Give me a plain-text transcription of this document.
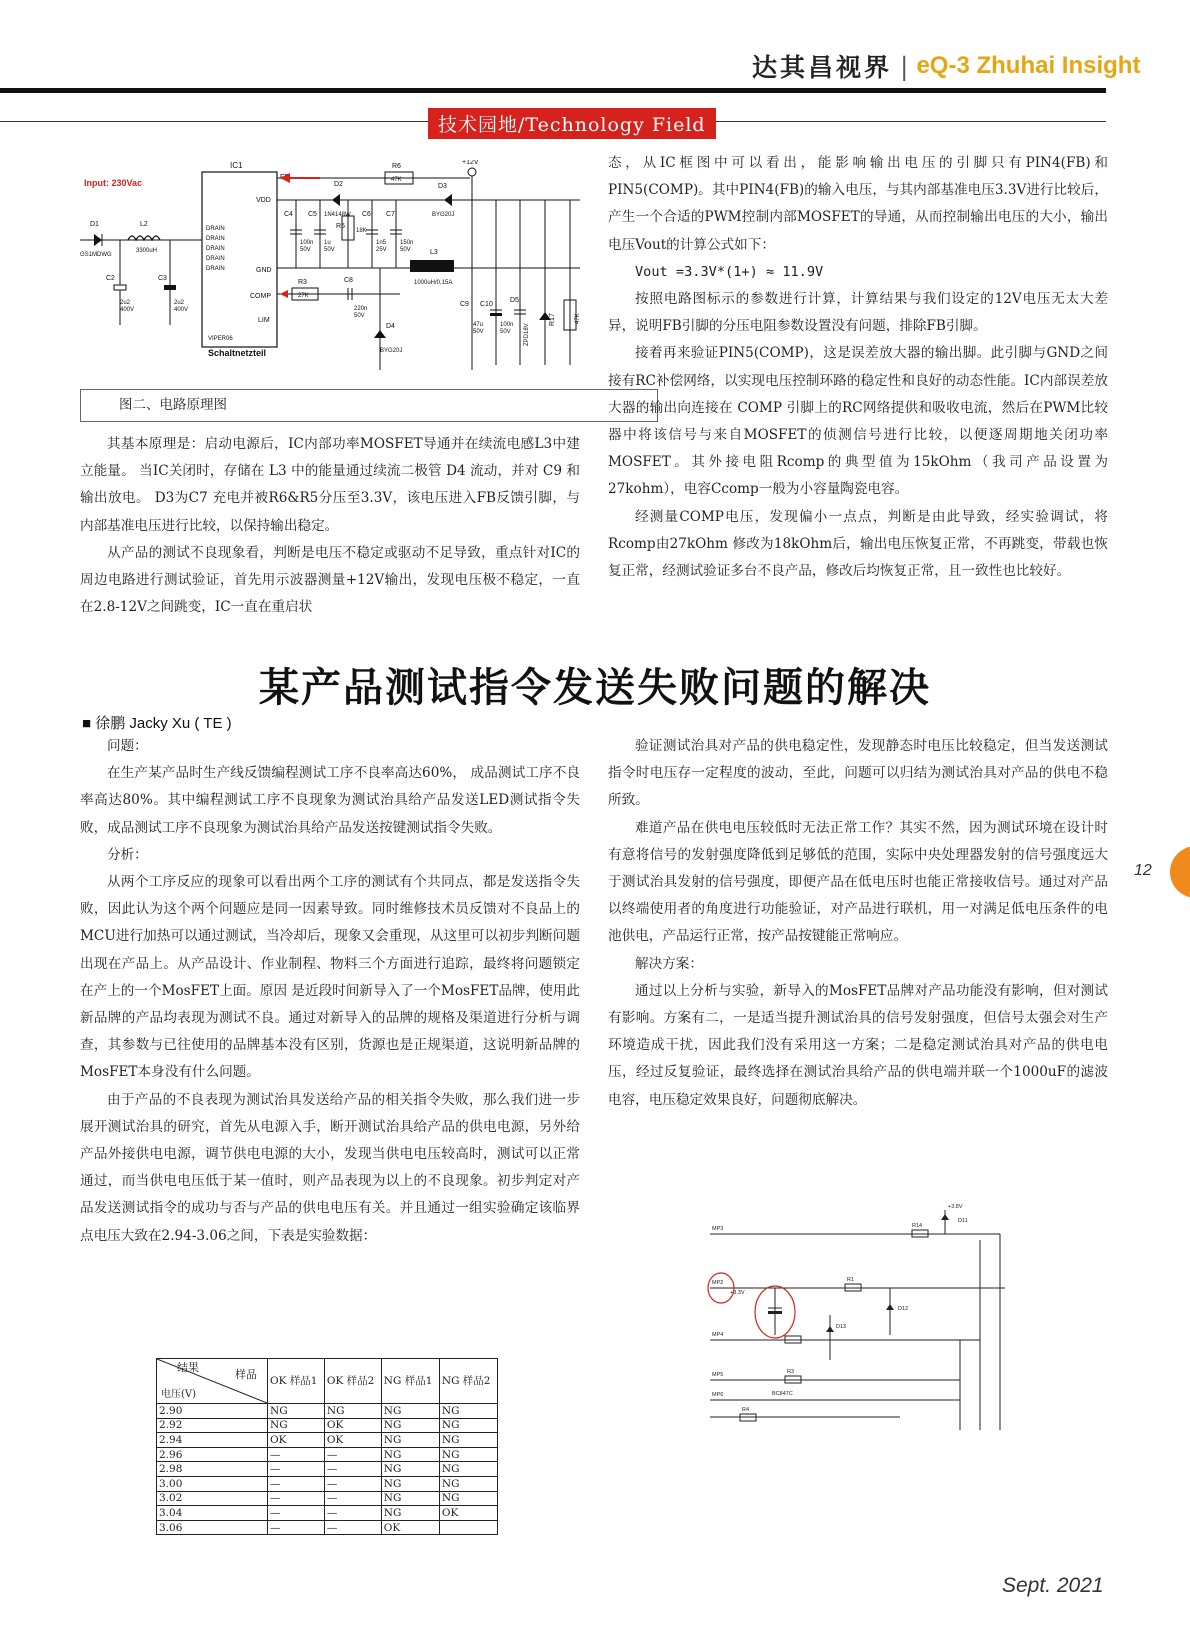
达其昌视界 | eQ-3 Zhuhai Insight
技术园地/Technology Field
Input: 230Vac
IC1
VIPER06
Schaltnetzteil
VDD
GND
COMP
LIM
DRAIN
DRAIN
DRAIN
DRAIN
DRAIN
D1
GS1MDWG
L2
3300uH
C2
2u2
400V
C3
2u2
400V
R6
47K
D2
1N4148W
D3
BYG20J
+12V
C4
100n
50V
C5
1u
50V
R5
18K
C6
1n5
25V
C7
150n
50V	L3
1000uH/0,15A
C9
47u
50V
C10
100n
50V
D5
ZPD18V
R17	47K
R3
27K
C8
220n
50V
D4
BYG20J
图二、电路原理图

其基本原理是：启动电源后，IC内部功率MOSFET导通并在续流电感L3中建立能量。 当IC关闭时，存储在 L3 中的能量通过续流二极管 D4 流动，并对 C9 和输出放电。 D3为C7 充电并被R6&R5分压至3.3V，该电压进入FB反馈引脚，与内部基准电压进行比较，以保持输出稳定。

从产品的测试不良现象看，判断是电压不稳定或驱动不足导致，重点针对IC的周边电路进行测试验证，首先用示波器测量+12V输出，发现电压极不稳定，一直在2.8-12V之间跳变，IC一直在重启状

态，从IC框图中可以看出，能影响输出电压的引脚只有PIN4(FB)和PIN5(COMP)。其中PIN4(FB)的输入电压，与其内部基准电压3.3V进行比较后，产生一个合适的PWM控制内部MOSFET的导通，从而控制输出电压的大小，输出电压Vout的计算公式如下：

Vout =3.3V*(1+) ≈ 11.9V

按照电路图标示的参数进行计算，计算结果与我们设定的12V电压无太大差异，说明FB引脚的分压电阻参数设置没有问题，排除FB引脚。

接着再来验证PIN5(COMP)，这是误差放大器的输出脚。此引脚与GND之间接有RC补偿网络，以实现电压控制环路的稳定性和良好的动态性能。IC内部误差放大器的输出向连接在 COMP 引脚上的RC网络提供和吸收电流，然后在PWM比较器中将该信号与来自MOSFET的侦测信号进行比较，以便逐周期地关闭功率 MOSFET。其外接电阻Rcomp的典型值为15kOhm（我司产品设置为27kohm），电容Ccomp一般为小容量陶瓷电容。

经测量COMP电压，发现偏小一点点，判断是由此导致，经实验调试，将Rcomp由27kOhm 修改为18kOhm后，输出电压恢复正常，不再跳变，带载也恢复正常，经测试验证多台不良产品，修改后均恢复正常，且一致性也比较好。

某产品测试指令发送失败问题的解决
■ 徐鹏 Jacky Xu ( TE )

问题：

在生产某产品时生产线反馈编程测试工序不良率高达60%， 成品测试工序不良率高达80%。其中编程测试工序不良现象为测试治具给产品发送LED测试指令失败，成品测试工序不良现象为测试治具给产品发送按键测试指令失败。

分析：

从两个工序反应的现象可以看出两个工序的测试有个共同点，都是发送指令失败，因此认为这个两个问题应是同一因素导致。同时维修技术员反馈对不良品上的MCU进行加热可以通过测试，当冷却后，现象又会重现，从这里可以初步判断问题出现在产品上。从产品设计、作业制程、物料三个方面进行追踪，最终将问题锁定在产上的一个MosFET上面。原因 是近段时间新导入了一个MosFET品牌，使用此新品牌的产品均表现为测试不良。通过对新导入的品牌的规格及渠道进行分析与调查，其参数与已往使用的品牌基本没有区别，货源也是正规渠道，这说明新品牌的MosFET本身没有什么问题。

由于产品的不良表现为测试治具发送给产品的相关指令失败，那么我们进一步展开测试治具的研究，首先从电源入手，断开测试治具给产品的供电电源，另外给产品外接供电电源，调节供电电源的大小，发现当供电电压较高时，测试可以正常通过，而当供电电压低于某一值时，则产品表现为以上的不良现象。初步判定对产品发送测试指令的成功与否与产品的供电电压有关。并且通过一组实验确定该临界点电压大致在2.94-3.06之间，下表是实验数据：

验证测试治具对产品的供电稳定性，发现静态时电压比较稳定，但当发送测试指令时电压存一定程度的波动，至此，问题可以归结为测试治具对产品的供电不稳所致。

难道产品在供电电压较低时无法正常工作？其实不然，因为测试环境在设计时有意将信号的发射强度降低到足够低的范围，实际中央处理器发射的信号强度远大于测试治具发射的信号强度，即便产品在低电压时也能正常接收信号。通过对产品以终端使用者的角度进行功能验证，对产品进行联机，用一对满足低电压条件的电池供电，产品运行正常，按产品按键能正常响应。

解决方案：

通过以上分析与实验，新导入的MosFET品牌对产品功能没有影响，但对测试有影响。方案有二，一是适当提升测试治具的信号发射强度，但信号太强会对生产环境造成干扰，因此我们没有采用这一方案；二是稳定测试治具对产品的供电电压，经过反复验证，最终选择在测试治具给产品的供电端并联一个1000uF的滤波电容，电压稳定效果良好，问题彻底解决。

结果
样品
电压(V)	OK 样品1	OK 样品2	NG 样品1	NG 样品2
2.90	NG	NG	NG	NG
2.92	NG	OK	NG	NG
2.94	OK	OK	NG	NG
2.96	—	—	NG	NG
2.98	—	—	NG	NG
3.00	—	—	NG	NG
3.02	—	—	NG	NG
3.04	—	—	NG	OK
3.06	—	—	OK	
MP3	R14
D11
+3.8V
MP2
+3.3V
R1
D12
MP4
D13
MP5	R3
MP6	BC847C
R4
12
Sept. 2021
